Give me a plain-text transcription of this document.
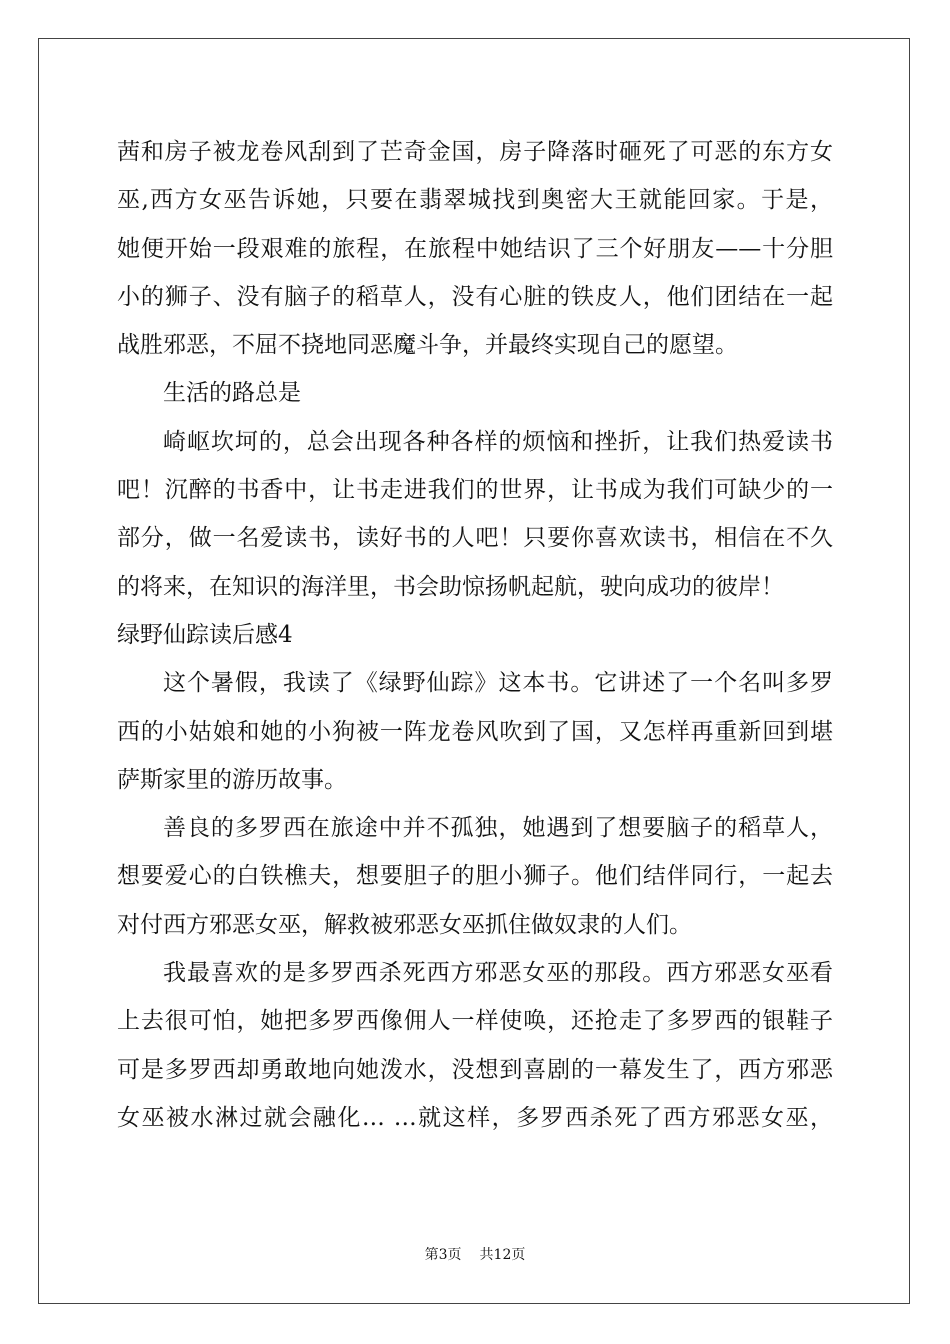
茜和房子被龙卷风刮到了芒奇金国，房子降落时砸死了可恶的东方女
巫,西方女巫告诉她，只要在翡翠城找到奥密大王就能回家。于是，
她便开始一段艰难的旅程，在旅程中她结识了三个好朋友——十分胆
小的狮子、没有脑子的稻草人，没有心脏的铁皮人，他们团结在一起
战胜邪恶，不屈不挠地同恶魔斗争，并最终实现自己的愿望。
生活的路总是
崎岖坎坷的，总会出现各种各样的烦恼和挫折，让我们热爱读书
吧！沉醉的书香中，让书走进我们的世界，让书成为我们可缺少的一
部分，做一名爱读书，读好书的人吧！只要你喜欢读书，相信在不久
的将来，在知识的海洋里，书会助惊扬帆起航，驶向成功的彼岸！
绿野仙踪读后感4
这个暑假，我读了《绿野仙踪》这本书。它讲述了一个名叫多罗
西的小姑娘和她的小狗被一阵龙卷风吹到了国，又怎样再重新回到堪
萨斯家里的游历故事。
善良的多罗西在旅途中并不孤独，她遇到了想要脑子的稻草人，
想要爱心的白铁樵夫，想要胆子的胆小狮子。他们结伴同行，一起去
对付西方邪恶女巫，解救被邪恶女巫抓住做奴隶的人们。
我最喜欢的是多罗西杀死西方邪恶女巫的那段。西方邪恶女巫看
上去很可怕，她把多罗西像佣人一样使唤，还抢走了多罗西的银鞋子
可是多罗西却勇敢地向她泼水，没想到喜剧的一幕发生了，西方邪恶
女巫被水淋过就会融化… …就这样，多罗西杀死了西方邪恶女巫，
第3页 共12页
